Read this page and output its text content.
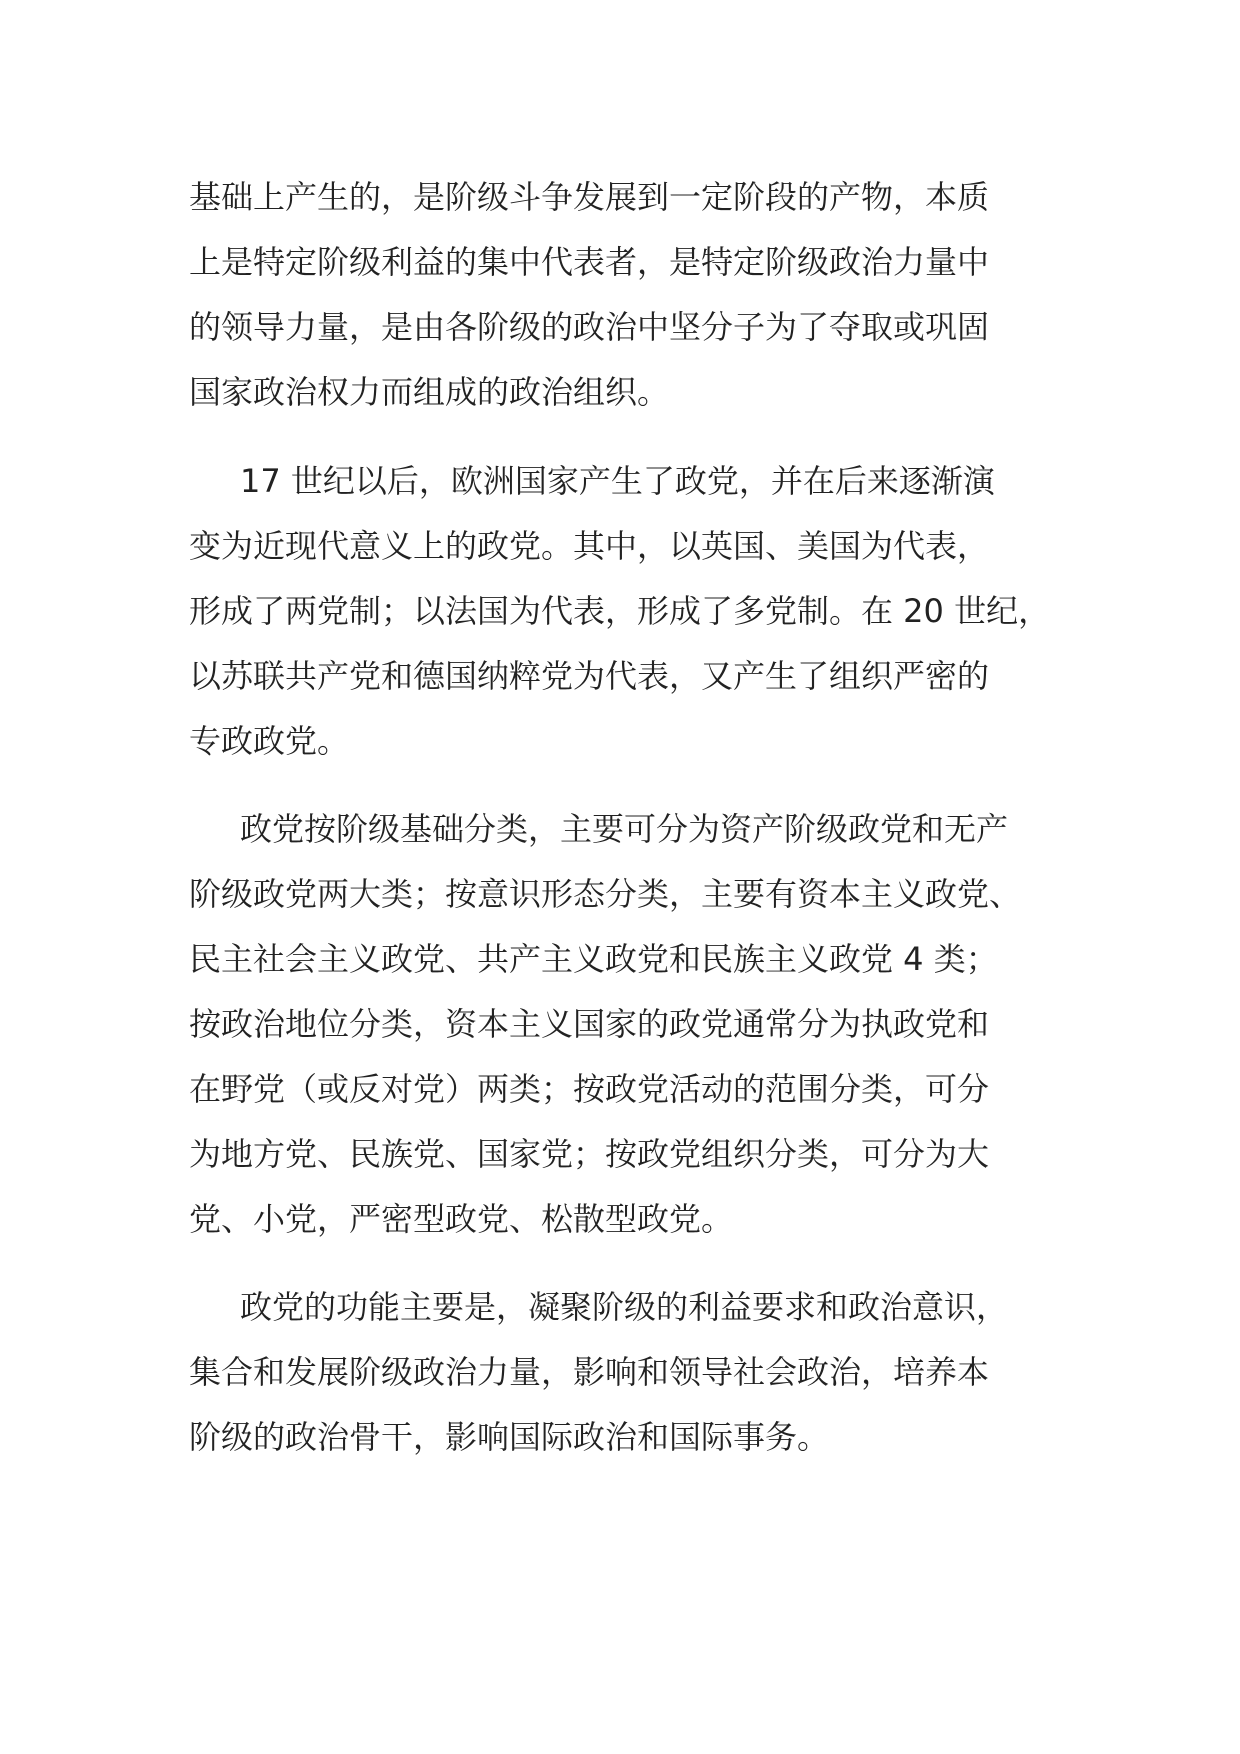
基础上产生的，是阶级斗争发展到一定阶段的产物，本质
上是特定阶级利益的集中代表者，是特定阶级政治力量中
的领导力量，是由各阶级的政治中坚分子为了夺取或巩固
国家政治权力而组成的政治组织。
17 世纪以后，欧洲国家产生了政党，并在后来逐渐演
变为近现代意义上的政党。其中，以英国、美国为代表，
形成了两党制；以法国为代表，形成了多党制。在 20 世纪，
以苏联共产党和德国纳粹党为代表，又产生了组织严密的
专政政党。
政党按阶级基础分类，主要可分为资产阶级政党和无产
阶级政党两大类；按意识形态分类，主要有资本主义政党、
民主社会主义政党、共产主义政党和民族主义政党 4 类；
按政治地位分类，资本主义国家的政党通常分为执政党和
在野党（或反对党）两类；按政党活动的范围分类，可分
为地方党、民族党、国家党；按政党组织分类，可分为大
党、小党，严密型政党、松散型政党。
政党的功能主要是，凝聚阶级的利益要求和政治意识，
集合和发展阶级政治力量，影响和领导社会政治，培养本
阶级的政治骨干，影响国际政治和国际事务。
